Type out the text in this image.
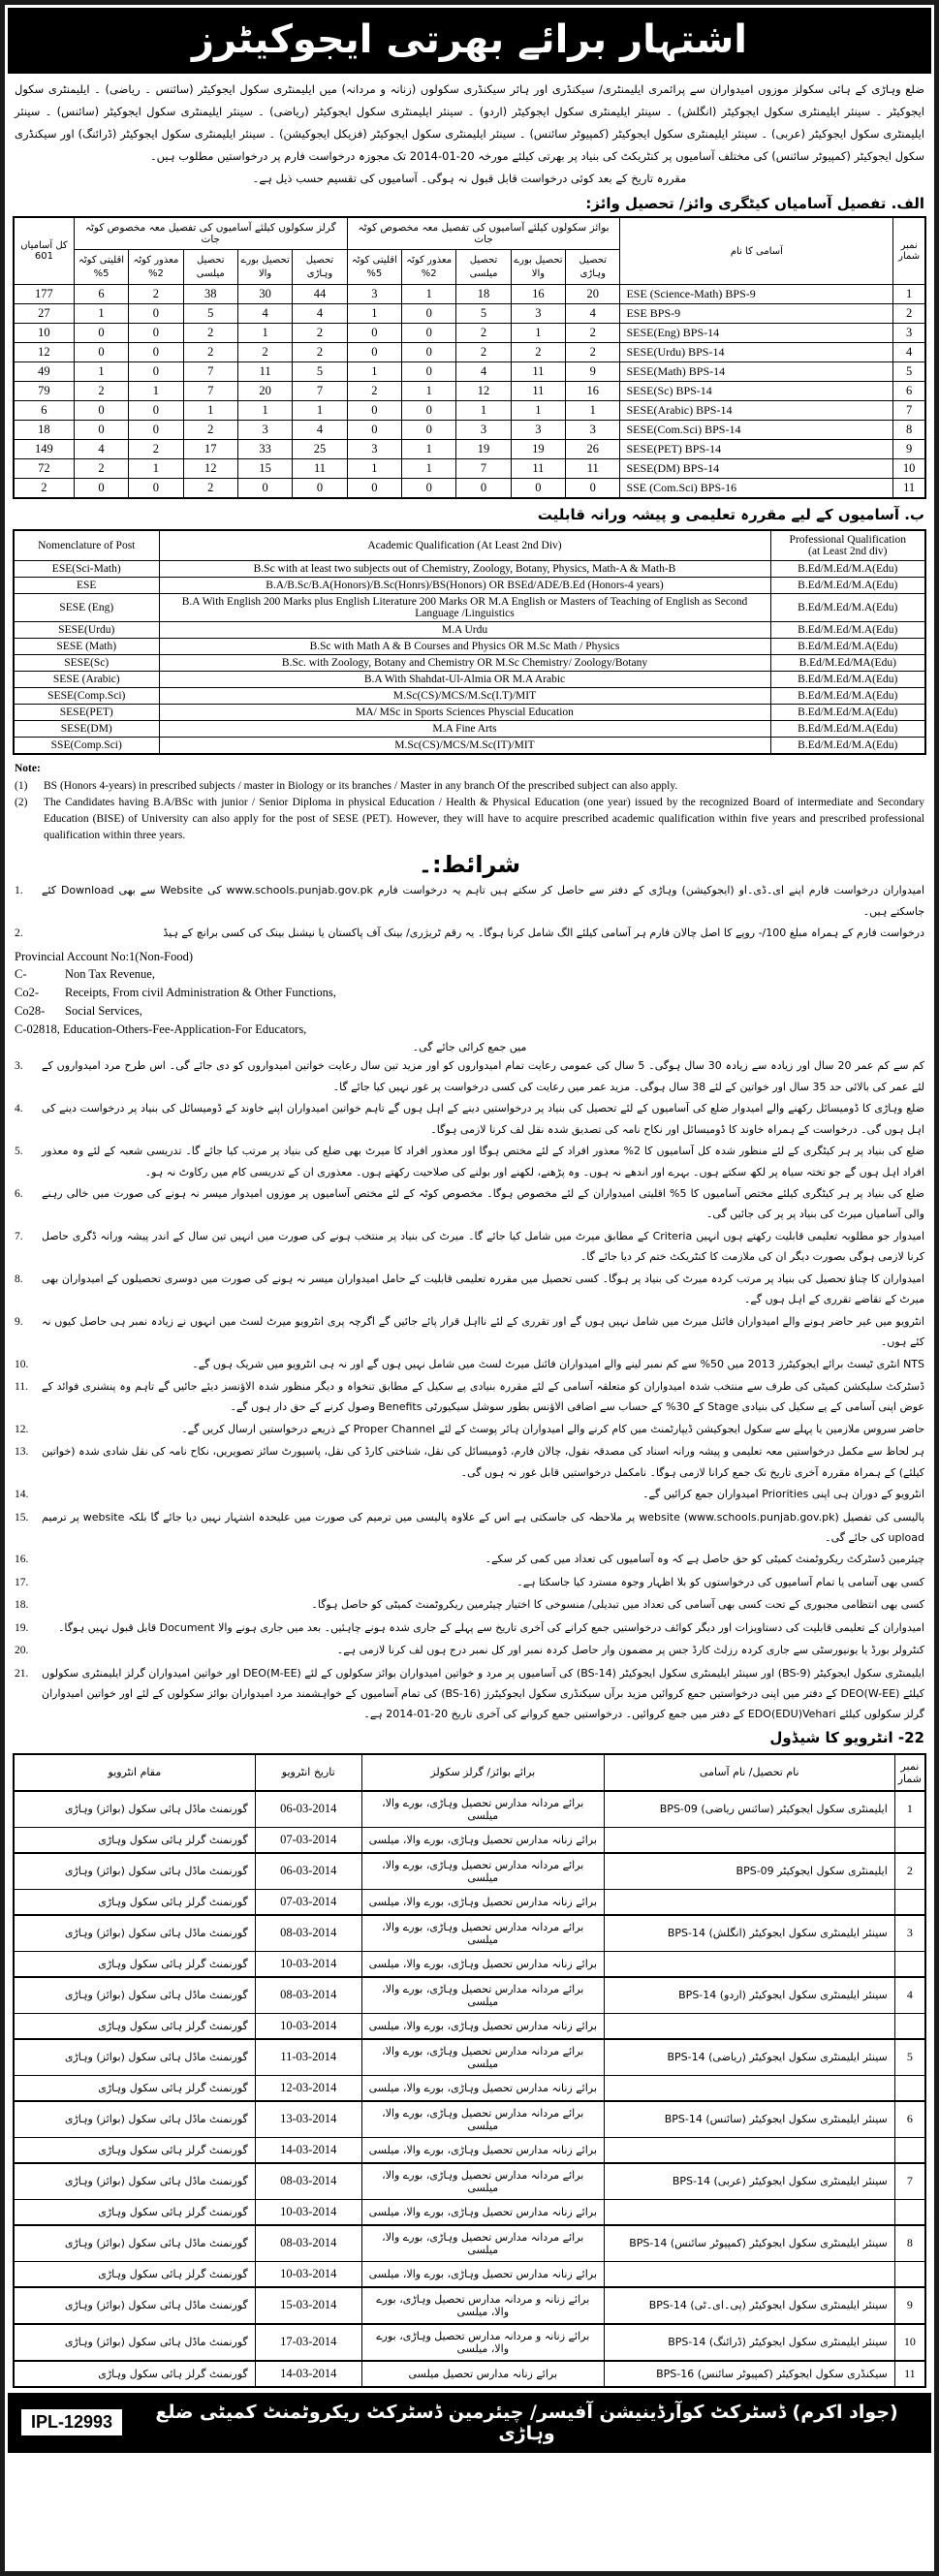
اشتہار برائے بھرتی ایجوکیٹرز
ضلع وہاڑی کے ہائی سکولز موزوں امیدواران سے پرائمری ایلیمنٹری/ سیکنڈری اور ہائر سیکنڈری سکولوں (زنانہ و مردانہ) میں ایلیمنٹری سکول ایجوکیٹر (سائنس ۔ ریاضی) ۔ ایلیمنٹری سکول ایجوکیٹر ۔ سینئر ایلیمنٹری سکول ایجوکیٹر (انگلش) ۔ سینئر ایلیمنٹری سکول ایجوکیٹر (اردو) ۔ سینئر ایلیمنٹری سکول ایجوکیٹر (ریاضی) ۔ سینئر ایلیمنٹری سکول ایجوکیٹر (سائنس) ۔ سینئر ایلیمنٹری سکول ایجوکیٹر (عربی) ۔ سینئر ایلیمنٹری سکول ایجوکیٹر (کمپیوٹر سائنس) ۔ سینئر ایلیمنٹری سکول ایجوکیٹر (فزیکل ایجوکیشن) ۔ سینئر ایلیمنٹری سکول ایجوکیٹر (ڈرائنگ) اور سیکنڈری سکول ایجوکیٹر (کمپیوٹر سائنس) کی مختلف آسامیوں پر کنٹریکٹ کی بنیاد پر بھرتی کیلئے مورخہ 20-01-2014 تک مجوزہ درخواست فارم پر درخواستیں مطلوب ہیں۔
مقررہ تاریخ کے بعد کوئی درخواست قابل قبول نہ ہوگی۔ آسامیوں کی تقسیم حسب ذیل ہے۔
الف. تفصیل آسامیاں کیٹگری وائز/ تحصیل وائز:
کل آسامیاں
601	گرلز سکولوں کیلئے آسامیوں کی تفصیل معہ مخصوص کوٹہ جات					بوائز سکولوں کیلئے آسامیوں کی تفصیل معہ مخصوص کوٹہ جات					آسامی کا نام	نمبر شمار
	اقلیتی کوٹہ 5%	معذور کوٹہ 2%	تحصیل میلسی	تحصیل بورے والا	تحصیل وہاڑی	اقلیتی کوٹہ 5%	معذور کوٹہ 2%	تحصیل میلسی	تحصیل بورے والا	تحصیل وہاڑی		
177	6	2	38	30	44	3	1	18	16	20	ESE (Science-Math) BPS-9	1
27	1	0	5	4	4	1	0	5	3	4	ESE BPS-9	2
10	0	0	2	1	2	0	0	2	1	2	SESE(Eng) BPS-14	3
12	0	0	2	2	2	0	0	2	2	2	SESE(Urdu) BPS-14	4
49	1	0	7	11	5	1	0	4	11	9	SESE(Math) BPS-14	5
79	2	1	7	20	7	2	1	12	11	16	SESE(Sc) BPS-14	6
6	0	0	1	1	1	0	0	1	1	1	SESE(Arabic) BPS-14	7
18	0	0	2	3	4	0	0	3	3	3	SESE(Com.Sci) BPS-14	8
149	4	2	17	33	25	3	1	19	19	26	SESE(PET) BPS-14	9
72	2	1	12	15	11	1	1	7	11	11	SESE(DM) BPS-14	10
2	0	0	2	0	0	0	0	0	0	0	SSE (Com.Sci) BPS-16	11
ب. آسامیوں کے لیے مقررہ تعلیمی و پیشہ ورانہ قابلیت
Nomenclature of Post	Academic Qualification (At Least 2nd Div)	Professional Qualification
(at Least 2nd div)

ESE(Sci-Math)	B.Sc with at least two subjects out of Chemistry, Zoology, Botany, Physics, Math-A & Math-B	B.Ed/M.Ed/M.A(Edu)
ESE	B.A/B.Sc/B.A(Honors)/B.Sc(Honrs)/BS(Honors) OR BSEd/ADE/B.Ed (Honors-4 years)	B.Ed/M.Ed/M.A(Edu)
SESE (Eng)	B.A With English 200 Marks plus English Literature 200 Marks OR M.A English or Masters of Teaching of English as Second Language /Linguistics	B.Ed/M.Ed/M.A(Edu)
SESE(Urdu)	M.A Urdu	B.Ed/M.Ed/M.A(Edu)
SESE (Math)	B.Sc with Math A & B Courses and Physics OR M.Sc Math / Physics	B.Ed/M.Ed/M.A(Edu)
SESE(Sc)	B.Sc. with Zoology, Botany and Chemistry OR M.Sc Chemistry/ Zoology/Botany	B.Ed/M.Ed/MA(Edu)
SESE (Arabic)	B.A With Shahdat-Ul-Almia OR M.A Arabic	B.Ed/M.Ed/M.A(Edu)
SESE(Comp.Sci)	M.Sc(CS)/MCS/M.Sc(I.T)/MIT	B.Ed/M.Ed/M.A(Edu)
SESE(PET)	MA/ MSc in Sports Sciences Physcial Education	B.Ed/M.Ed/M.A(Edu)
SESE(DM)	M.A Fine Arts	B.Ed/M.Ed/M.A(Edu)
SSE(Comp.Sci)	M.Sc(CS)/MCS/M.Sc(IT)/MIT	B.Ed/M.Ed/M.A(Edu)
Note:
(1)	BS (Honors 4-years) in prescribed subjects / master in Biology or its branches / Master in any branch Of the prescribed subject can also apply.
(2)	The Candidates having B.A/BSc with junior / Senior Diploma in physical Education / Health & Physical Education (one year) issued by the recognized Board of intermediate and Secondary Education (BISE) of University can also apply for the post of SESE (PET). However, they will have to acquire prescribed academic qualification within five years and prescribed professional qualification within three years.
شرائط:۔
امیدواران درخواست فارم اپنے ای۔ڈی۔او (ایجوکیشن) وہاڑی کے دفتر سے حاصل کر سکتے ہیں تاہم یہ درخواست فارم www.schools.punjab.gov.pk کی Website سے بھی Download کئے جاسکتے ہیں۔
1.
درخواست فارم کے ہمراہ مبلغ 100/- روپے کا اصل چالان فارم ہر آسامی کیلئے الگ شامل کرنا ہوگا۔ یہ رقم ٹریژری/ بینک آف پاکستان یا نیشنل بینک کی کسی برانچ کے ہیڈ
2.
Provincial Account No:1(Non-Food)
C-	Non Tax Revenue,
Co2-	Receipts, From civil Administration & Other Functions,
Co28-	Social Services,
C-02818, Education-Others-Fee-Application-For Educators,
میں جمع کرائی جائے گی۔
کم سے کم عمر 20 سال اور زیادہ سے زیادہ 30 سال ہوگی۔ 5 سال کی عمومی رعایت تمام امیدواروں کو اور مزید تین سال رعایت خواتین امیدواروں کو دی جائے گی۔ اس طرح مرد امیدواروں کے لئے عمر کی بالائی حد 35 سال اور خواتین کے لئے 38 سال ہوگی۔ مزید عمر میں رعایت کی کسی درخواست پر غور نہیں کیا جائے گا۔
3.
ضلع وہاڑی کا ڈومیسائل رکھنے والے امیدوار ضلع کی آسامیوں کے لئے تحصیل کی بنیاد پر درخواستیں دینے کے اہل ہوں گے تاہم خواتین امیدواران اپنے خاوند کے ڈومیسائل کی بنیاد پر درخواست دینے کی اہل ہوں گی۔ درخواست کے ہمراہ خاوند کا ڈومیسائل اور نکاح نامہ کی تصدیق شدہ نقل لف کرنا لازمی ہوگا۔
4.
ضلع کی بنیاد پر ہر کیٹگری کے لئے منظور شدہ کل آسامیوں کا 2% معذور افراد کے لئے مختص ہوگا اور معذور افراد کا میرٹ بھی ضلع کی بنیاد پر مرتب کیا جائے گا۔ تدریسی شعبہ کے لئے وہ معذور افراد اہل ہوں گے جو تختہ سیاہ پر لکھ سکتے ہوں۔ بہرے اور اندھے نہ ہوں۔ وہ پڑھنے، لکھنے اور بولنے کی صلاحیت رکھتے ہوں۔ معذوری ان کے تدریسی کام میں رکاوٹ نہ ہو۔
5.
ضلع کی بنیاد پر ہر کیٹگری کیلئے مختص آسامیوں کا 5% اقلیتی امیدواران کے لئے مخصوص ہوگا۔ مخصوص کوٹہ کے لئے مختص آسامیوں پر موزوں امیدوار میسر نہ ہونے کی صورت میں خالی رہنے والی آسامیاں میرٹ کی بنیاد پر پر کی جائیں گی۔
6.
امیدوار جو مطلوبہ تعلیمی قابلیت رکھتے ہوں انہیں Criteria کے مطابق میرٹ میں شامل کیا جائے گا۔ میرٹ کی بنیاد پر منتخب ہونے کی صورت میں انہیں تین سال کے اندر پیشہ ورانہ ڈگری حاصل کرنا لازمی ہوگی بصورت دیگر ان کی ملازمت کا کنٹریکٹ ختم کر دیا جائے گا۔
7.
امیدواران کا چناؤ تحصیل کی بنیاد پر مرتب کردہ میرٹ کی بنیاد پر ہوگا۔ کسی تحصیل میں مقررہ تعلیمی قابلیت کے حامل امیدواران میسر نہ ہونے کی صورت میں دوسری تحصیلوں کے امیدواران بھی میرٹ کے تقاضے تقرری کے اہل ہوں گے۔
8.
انٹرویو میں غیر حاضر ہونے والے امیدواران فائنل میرٹ میں شامل نہیں ہوں گے اور تقرری کے لئے نااہل قرار پائے جائیں گے اگرچہ پری انٹرویو میرٹ لسٹ میں انہوں نے زیادہ نمبر ہی حاصل کیوں نہ کئے ہوں۔
9.
NTS انٹری ٹیسٹ برائے ایجوکیٹرز 2013 میں 50% سے کم نمبر لینے والے امیدواران فائنل میرٹ لسٹ میں شامل نہیں ہوں گے اور نہ ہی انٹرویو میں شریک ہوں گے۔
10.
ڈسٹرکٹ سلیکشن کمیٹی کی طرف سے منتخب شدہ امیدواران کو متعلقہ آسامی کے لئے مقررہ بنیادی پے سکیل کے مطابق تنخواہ و دیگر منظور شدہ الاؤنسز دیئے جائیں گے تاہم وہ پنشنری فوائد کے عوض اپنی آسامی کے پے سکیل کی بنیادی Stage کے 30% کے حساب سے اضافی الاؤنس بطور سوشل سیکیورٹی Benefits وصول کرنے کے حق دار ہوں گے۔
11.
حاضر سروس ملازمین یا پہلے سے سکول ایجوکیشن ڈیپارٹمنٹ میں کام کرنے والے امیدواران ہائر پوسٹ کے لئے Proper Channel کے ذریعے درخواستیں ارسال کریں گے۔
12.
ہر لحاظ سے مکمل درخواستیں معہ تعلیمی و پیشہ ورانہ اسناد کی مصدقہ نقول، چالان فارم، ڈومیسائل کی نقل، شناختی کارڈ کی نقل، پاسپورٹ سائز تصویریں، نکاح نامہ کی نقل شادی شدہ (خواتین کیلئے) کے ہمراہ مقررہ آخری تاریخ تک جمع کرانا لازمی ہوگا۔ نامکمل درخواستیں قابل غور نہ ہوں گی۔
13.
انٹرویو کے دوران ہی اپنی Priorities امیدواران جمع کرائیں گے۔
14.
پالیسی کی تفصیل (www.schools.punjab.gov.pk) website پر ملاحظہ کی جاسکتی ہے اس کے علاوہ پالیسی میں ترمیم کی صورت میں علیحدہ اشتہار نہیں دیا جائے گا بلکہ website پر ترمیم upload کی جائے گی۔
15.
چیئرمین ڈسٹرکٹ ریکروٹمنٹ کمیٹی کو حق حاصل ہے کہ وہ آسامیوں کی تعداد میں کمی کر سکے۔
16.
کسی بھی آسامی یا تمام آسامیوں کی درخواستوں کو بلا اظہار وجوہ مسترد کیا جاسکتا ہے۔
17.
کسی بھی انتظامی مجبوری کے تحت کسی بھی آسامی کی تعداد میں تبدیلی/ منسوخی کا اختیار چیئرمین ریکروٹمنٹ کمیٹی کو حاصل ہوگا۔
18.
امیدواران کے تعلیمی قابلیت کی دستاویزات اور دیگر کوائف درخواستیں جمع کرانے کی آخری تاریخ سے پہلے کے جاری شدہ ہونے چاہئیں۔ بعد میں جاری ہونے والا Document قابل قبول نہیں ہوگا۔
19.
کنٹرولر بورڈ یا یونیورسٹی سے جاری کردہ رزلٹ کارڈ جس پر مضمون وار حاصل کردہ نمبر اور کل نمبر درج ہوں لف کرنا لازمی ہے۔
20.
ایلیمنٹری سکول ایجوکیٹر (BS-9) اور سینئر ایلیمنٹری سکول ایجوکیٹر (BS-14) کی آسامیوں پر مرد و خواتین امیدواران بوائز سکولوں کے لئے DEO(M-EE) اور خواتین امیدواران گرلز ایلیمنٹری سکولوں کیلئے DEO(W-EE) کے دفتر میں اپنی درخواستیں جمع کروائیں مزید برآں سیکنڈری سکول ایجوکیٹرز (BS-16) کی تمام آسامیوں کے خواہشمند مرد امیدواران بوائز سکولوں کے لئے اور خواتین امیدواران گرلز سکولوں کیلئے EDO(EDU)Vehari کے دفتر میں جمع کروائیں۔ درخواستیں جمع کروانے کی آخری تاریخ 20-01-2014 ہے۔
21.
22- انٹرویو کا شیڈول
مقام انٹرویو	تاریخ انٹرویو	برائے بوائز/ گرلز سکولز	نام تحصیل/ نام آسامی	نمبر شمار
گورنمنٹ ماڈل ہائی سکول (بوائز) وہاڑی	06-03-2014	برائے مردانہ مدارس تحصیل وہاڑی، بورے والا، میلسی	ایلیمنٹری سکول ایجوکیٹر (سائنس ریاضی) BPS-09	1
گورنمنٹ گرلز ہائی سکول وہاڑی	07-03-2014	برائے زنانہ مدارس تحصیل وہاڑی، بورے والا، میلسی		
گورنمنٹ ماڈل ہائی سکول (بوائز) وہاڑی	06-03-2014	برائے مردانہ مدارس تحصیل وہاڑی، بورے والا، میلسی	ایلیمنٹری سکول ایجوکیٹر BPS-09	2
گورنمنٹ گرلز ہائی سکول وہاڑی	07-03-2014	برائے زنانہ مدارس تحصیل وہاڑی، بورے والا، میلسی		
گورنمنٹ ماڈل ہائی سکول (بوائز) وہاڑی	08-03-2014	برائے مردانہ مدارس تحصیل وہاڑی، بورے والا، میلسی	سینئر ایلیمنٹری سکول ایجوکیٹر (انگلش) BPS-14	3
گورنمنٹ گرلز ہائی سکول وہاڑی	10-03-2014	برائے زنانہ مدارس تحصیل وہاڑی، بورے والا، میلسی		
گورنمنٹ ماڈل ہائی سکول (بوائز) وہاڑی	08-03-2014	برائے مردانہ مدارس تحصیل وہاڑی، بورے والا، میلسی	سینئر ایلیمنٹری سکول ایجوکیٹر (اردو) BPS-14	4
گورنمنٹ گرلز ہائی سکول وہاڑی	10-03-2014	برائے زنانہ مدارس تحصیل وہاڑی، بورے والا، میلسی		
گورنمنٹ ماڈل ہائی سکول (بوائز) وہاڑی	11-03-2014	برائے مردانہ مدارس تحصیل وہاڑی، بورے والا، میلسی	سینئر ایلیمنٹری سکول ایجوکیٹر (ریاضی) BPS-14	5
گورنمنٹ گرلز ہائی سکول وہاڑی	12-03-2014	برائے زنانہ مدارس تحصیل وہاڑی، بورے والا، میلسی		
گورنمنٹ ماڈل ہائی سکول (بوائز) وہاڑی	13-03-2014	برائے مردانہ مدارس تحصیل وہاڑی، بورے والا، میلسی	سینئر ایلیمنٹری سکول ایجوکیٹر (سائنس) BPS-14	6
گورنمنٹ گرلز ہائی سکول وہاڑی	14-03-2014	برائے زنانہ مدارس تحصیل وہاڑی، بورے والا، میلسی		
گورنمنٹ ماڈل ہائی سکول (بوائز) وہاڑی	08-03-2014	برائے مردانہ مدارس تحصیل وہاڑی، بورے والا، میلسی	سینئر ایلیمنٹری سکول ایجوکیٹر (عربی) BPS-14	7
گورنمنٹ گرلز ہائی سکول وہاڑی	10-03-2014	برائے زنانہ مدارس تحصیل وہاڑی، بورے والا، میلسی		
گورنمنٹ ماڈل ہائی سکول (بوائز) وہاڑی	08-03-2014	برائے مردانہ مدارس تحصیل وہاڑی، بورے والا، میلسی	سینئر ایلیمنٹری سکول ایجوکیٹر (کمپیوٹر سائنس) BPS-14	8
گورنمنٹ گرلز ہائی سکول وہاڑی	10-03-2014	برائے زنانہ مدارس تحصیل وہاڑی، بورے والا، میلسی		
گورنمنٹ ماڈل ہائی سکول (بوائز) وہاڑی	15-03-2014	برائے زنانہ و مردانہ مدارس تحصیل وہاڑی، بورے والا، میلسی	سینئر ایلیمنٹری سکول ایجوکیٹر (پی۔ای۔ٹی) BPS-14	9
گورنمنٹ ماڈل ہائی سکول (بوائز) وہاڑی	17-03-2014	برائے زنانہ و مردانہ مدارس تحصیل وہاڑی، بورے والا، میلسی	سینئر ایلیمنٹری سکول ایجوکیٹر (ڈرائنگ) BPS-14	10
گورنمنٹ گرلز ہائی سکول وہاڑی	14-03-2014	برائے زنانہ مدارس تحصیل میلسی	سیکنڈری سکول ایجوکیٹر (کمپیوٹر سائنس) BPS-16	11
IPL-12993	(جواد اکرم) ڈسٹرکٹ کوآرڈینیشن آفیسر/ چیئرمین ڈسٹرکٹ ریکروٹمنٹ کمیٹی ضلع وہاڑی
